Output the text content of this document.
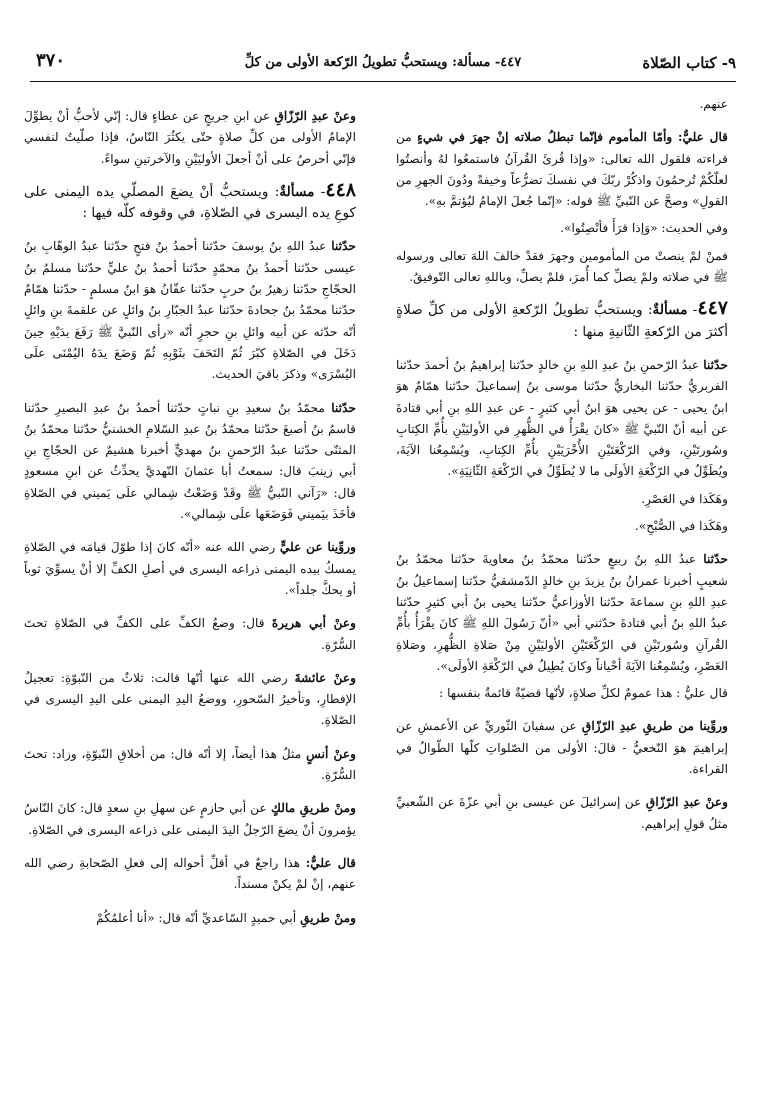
٩- كتاب الصّلاة
٤٤٧- مسألة: ويستحبُّ تطويلُ الرّكعة الأولى من كلِّ
٣٧٠

عنهم.

قال عليٌّ: وأمّا المأموم فإنّما تبطلُ صلاته إنْ جهرَ في شيءٍ من قراءته فلقول الله تعالى: «وإذا قُرئَ القُرآنُ فاستمعُوا لهُ وأنصتُوا لعلّكُمْ تُرحمُونَ واذكُرْ ربّكَ في نفسكَ تضرُّعاً وخيفةً ودُونَ الجهرِ من القولِ» وصحَّ عن النّبيِّ ﷺ قوله: «إنّما جُعلَ الإمامُ ليُؤتمَّ بهِ».

وفي الحديث: «وَإذا قرَأَ فأنْصِتُوا».

فمنْ لمْ ينصتْ من المأمومين وجهرَ فقدْ خالفَ اللهَ تعالى ورسوله ﷺ في صلاته ولمْ يصلِّ كما أُمرَ، فلمْ يصلِّ، وباللهِ تعالى التّوفيقُ.

٤٤٧- مسألةٌ: ويستحبُّ تطويلُ الرّكعةِ الأولى من كلِّ صلاةٍ أكثرَ من الرّكعةِ الثّانيةِ منها :

حدّثنا عبدُ الرّحمنِ بنُ عبدِ اللهِ بنِ خالدٍ حدّثنا إبراهيمُ بنُ أحمدَ حدّثنا الفربريُّ حدّثنا البخاريُّ حدّثنا موسى بنُ إسماعيلَ حدّثنا همّامٌ هوَ ابنُ يحيى - عن يحيى هوَ ابنُ أبي كثيرٍ - عن عبدِ اللهِ بنِ أبي قتادةَ عن أبيه أنّ النّبيَّ ﷺ «كانَ يقْرَأُ في الظُّهرِ في الأوليَيْنِ بأُمِّ الكِتابِ وسُورتَيْنِ، وفي الرّكْعَتَيْنِ الأُخْرَيَيْنِ بأُمِّ الكِتابِ، ويُسْمِعُنا الآيَةَ، ويُطَوِّلُ في الرّكْعَةِ الأولَى ما لا يُطَوِّلُ في الرّكْعَةِ الثّانِيَةِ».

وهَكَذا في العَصْرِ.

وهَكَذا في الصُّبْحِ».

حدّثنا عبدُ اللهِ بنُ ربيعٍ حدّثنا محمّدُ بنُ معاويةَ حدّثنا محمّدُ بنُ شعيبٍ أخبرنا عمرانُ بنُ يزيدَ بنِ خالدٍ الدّمشقيُّ حدّثنا إسماعيلُ بنُ عبدِ اللهِ بنِ سماعةَ حدّثنا الأوزاعيُّ حدّثنا يحيى بنُ أبي كثيرٍ حدّثنا عبدُ اللهِ بنُ أبي قتادةَ حدّثني أبي «أنّ رَسُولَ اللهِ ﷺ كانَ يقْرَأُ بأُمِّ القُرآنِ وسُورتَيْنِ في الرّكْعَتَيْنِ الأوليَيْنِ مِنْ صَلاةِ الظُّهرِ، وصَلاةِ العَصْرِ، ويُسْمِعُنا الآيَةَ أحْياناً وكانَ يُطِيلُ في الرّكْعَةِ الأولَى».

قال عليٌّ : هذا عمومٌ لكلِّ صلاةٍ، لأنّها قضيّةٌ قائمةٌ بنفسها :

وروِّينا من طريقِ عبدِ الرّزّاقِ عن سفيانَ الثّوريِّ عن الأعمشِ عن إبراهيمَ هوَ النّخعيُّ - قالَ: الأولى من الصّلواتِ كلّها الطّوالُ في القراءة.

وعنْ عبدِ الرّزّاقِ عن إسرائيلَ عن عيسى بنِ أبي عزّةَ عن الشّعبيِّ مثلُ قولِ إبراهيم.

وعنْ عبدِ الرّزّاقِ عن ابنِ جريجٍ عن عطاءٍ قال: إنّي لأحبُّ أنْ يطوِّلَ الإمامُ الأولى من كلِّ صلاةٍ حتّى يكثُرَ النّاسُ، فإذا صلّيتُ لنفسي فإنّي أحرصُ على أنْ أجعلَ الأوليَيْنِ والآخرتينِ سواءً.

٤٤٨- مسألةٌ: ويستحبُّ أنْ يضعَ المصلّي يده اليمنى على كوعِ يده اليسرى في الصّلاةِ، في وقوفه كلّه فيها :

حدّثنا عبدُ اللهِ بنُ يوسفَ حدّثنا أحمدُ بنُ فتحٍ حدّثنا عبدُ الوهّابِ بنُ عيسى حدّثنا أحمدُ بنُ محمّدٍ حدّثنا أحمدُ بنُ عليٍّ حدّثنا مسلمُ بنُ الحجّاجِ حدّثنا زهيرُ بنُ حربٍ حدّثنا عفّانُ هوَ ابنُ مسلمٍ - حدّثنا همّامٌ حدّثنا محمّدُ بنُ جحادةَ حدّثنا عبدُ الجبّارِ بنُ وائلٍ عن علقمةَ بنِ وائلٍ أنّه حدّثه عن أبيه وائلِ بنِ حجرٍ أنّه «رأى النّبيَّ ﷺ رَفَعَ يدَيْهِ حِينَ دَخَلَ في الصّلاةِ كبّرَ ثُمّ التَحَفَ بثَوْبِهِ ثُمّ وَضَعَ يدَهُ اليُمْنَى علَى اليُسْرَى» وذكرَ باقيَ الحديث.

حدّثنا محمّدُ بنُ سعيدِ بنِ نباتٍ حدّثنا أحمدُ بنُ عبدِ البصيرِ حدّثنا قاسمُ بنُ أصبغَ حدّثنا محمّدُ بنُ عبدِ السّلامِ الخشنيُّ حدّثنا محمّدُ بنُ المثنّى حدّثنا عبدُ الرّحمنِ بنُ مهديٍّ أخبرنا هشيمٌ عن الحجّاجِ بنِ أبي زينبَ قال: سمعتُ أبا عثمانَ النّهديَّ يحدِّثُ عن ابنِ مسعودٍ قال: «رَآني النّبيُّ ﷺ وقَدْ وَضَعْتُ شِمالي علَى يَميني في الصّلاةِ فأخَذَ بيَميني فَوَضَعَها علَى شِمالي».

وروِّينا عن عليٍّ رضي الله عنه «أنّه كانَ إذا طوّلَ قيامَه في الصّلاةِ يمسكُ بيده اليمنى ذراعه اليسرى في أصلِ الكفِّ إلا أنْ يسوِّيَ ثوباً أو يحكَّ جلداً».

وعنْ أبي هريرةَ قال: وضعُ الكفِّ على الكفِّ في الصّلاةِ تحتَ السُّرّةِ.

وعنْ عائشةَ رضي الله عنها أنّها قالت: ثلاثٌ من النّبوّةِ: تعجيلُ الإفطارِ، وتأخيرُ السّحورِ، ووضعُ اليدِ اليمنى على اليدِ اليسرى في الصّلاةِ.

وعنْ أنسٍ مثلُ هذا أيضاً، إلا أنّه قال: من أخلاقِ النّبوّةِ، وزاد: تحتَ السُّرّةِ.

ومنْ طريقِ مالكٍ عن أبي حازمٍ عن سهلِ بنِ سعدٍ قال: كانَ النّاسُ يؤمرونَ أنْ يضعَ الرّجلُ اليدَ اليمنى على ذراعه اليسرى في الصّلاةِ.

قال عليٌّ: هذا راجعٌ في أقلِّ أحواله إلى فعلِ الصّحابةِ رضي الله عنهم، إنْ لمْ يكنْ مسنداً.

ومنْ طريقِ أبي حميدٍ السّاعديِّ أنّه قال: «أنا أعلمُكُمْ
